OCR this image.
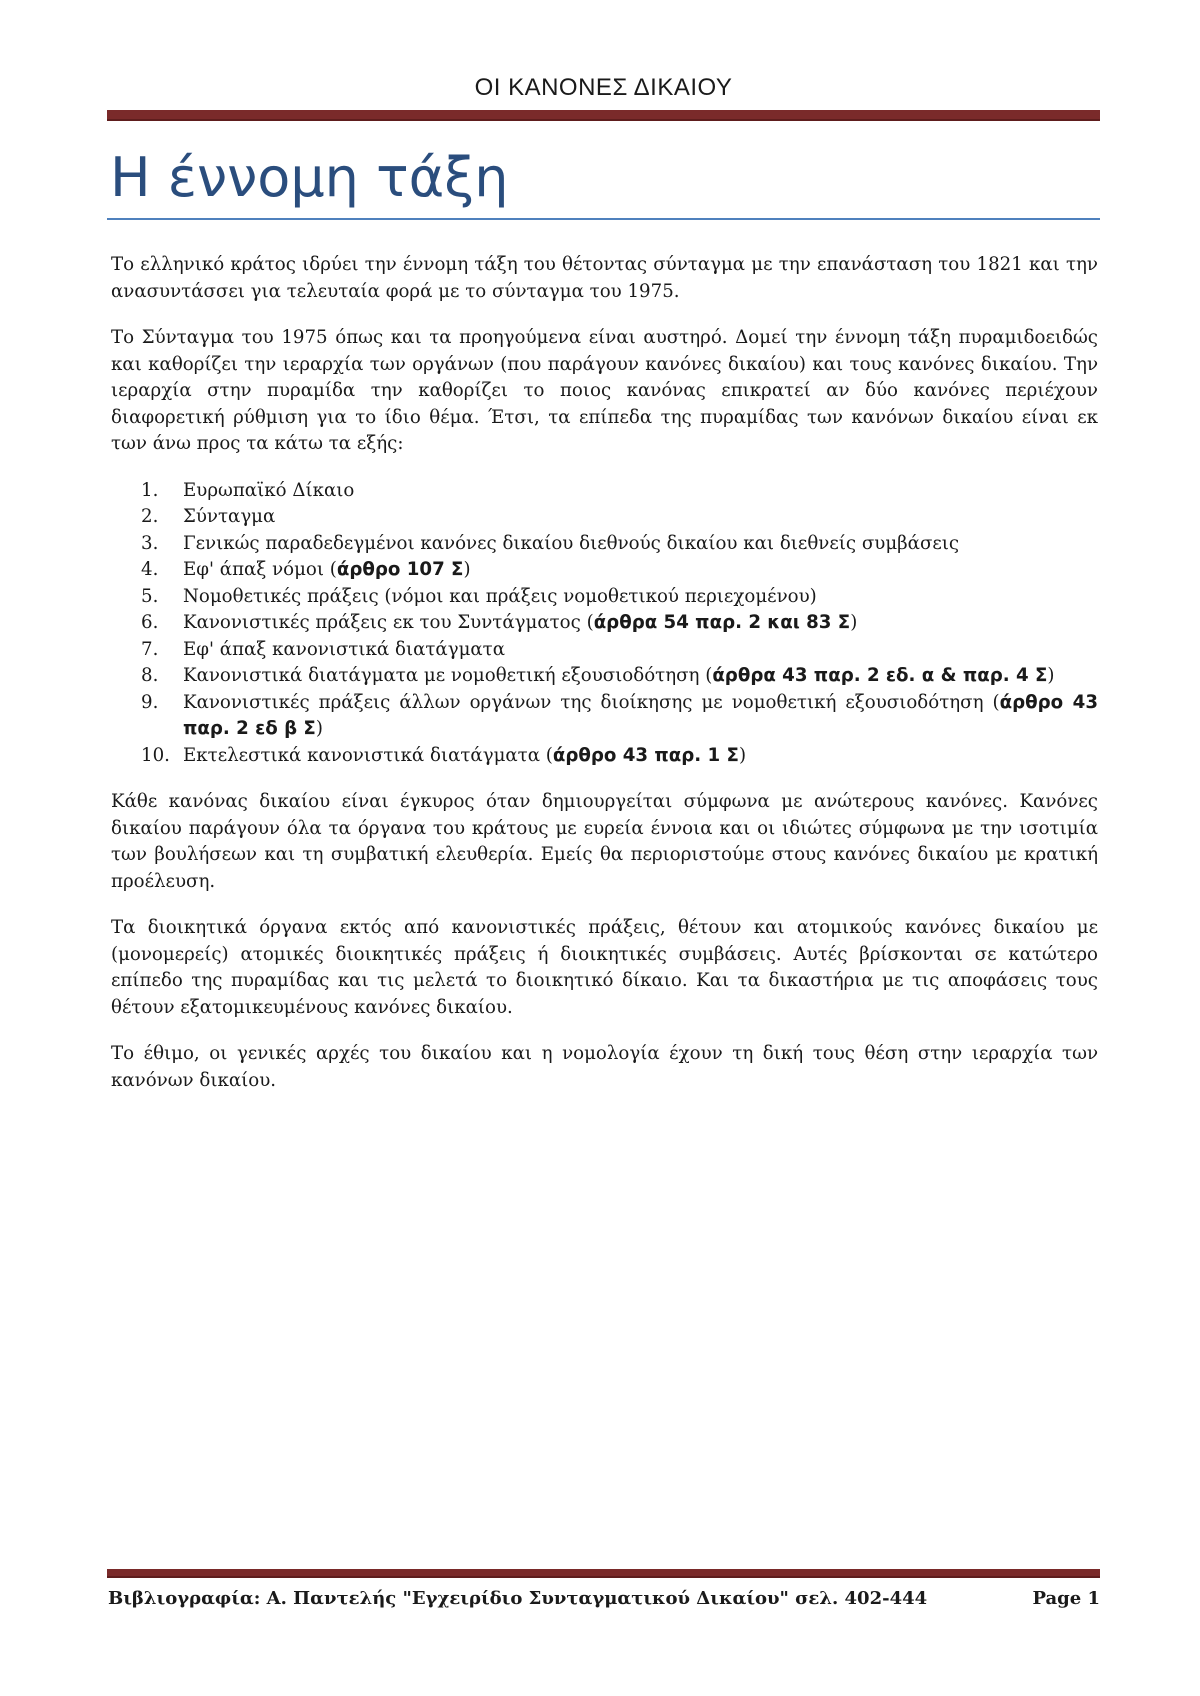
ΟΙ ΚΑΝΟΝΕΣ ΔΙΚΑΙΟΥ
Η έννομη τάξη

Το ελληνικό κράτος ιδρύει την έννομη τάξη του θέτοντας σύνταγμα με την επανάσταση του 1821 και την ανασυντάσσει για τελευταία φορά με το σύνταγμα του 1975.

Το Σύνταγμα του 1975 όπως και τα προηγούμενα είναι αυστηρό. Δομεί την έννομη τάξη πυραμιδοειδώς και καθορίζει την ιεραρχία των οργάνων (που παράγουν κανόνες δικαίου) και τους κανόνες δικαίου. Την ιεραρχία στην πυραμίδα την καθορίζει το ποιος κανόνας επικρατεί αν δύο κανόνες περιέχουν διαφορετική ρύθμιση για το ίδιο θέμα. Έτσι, τα επίπεδα της πυραμίδας των κανόνων δικαίου είναι εκ των άνω προς τα κάτω τα εξής:

1.	Ευρωπαϊκό Δίκαιο
2.	Σύνταγμα
3.	Γενικώς παραδεδεγμένοι κανόνες δικαίου διεθνούς δικαίου και διεθνείς συμβάσεις
4.	Εφ' άπαξ νόμοι (άρθρο 107 Σ)
5.	Νομοθετικές πράξεις (νόμοι και πράξεις νομοθετικού περιεχομένου)
6.	Κανονιστικές πράξεις εκ του Συντάγματος (άρθρα 54 παρ. 2 και 83 Σ)
7.	Εφ' άπαξ κανονιστικά διατάγματα
8.	Κανονιστικά διατάγματα με νομοθετική εξουσιοδότηση (άρθρα 43 παρ. 2 εδ. α & παρ. 4 Σ)
9.	Κανονιστικές πράξεις άλλων οργάνων της διοίκησης με νομοθετική εξουσιοδότηση (άρθρο 43 παρ. 2 εδ β Σ)
10. Εκτελεστικά κανονιστικά διατάγματα (άρθρο 43 παρ. 1 Σ)

Κάθε κανόνας δικαίου είναι έγκυρος όταν δημιουργείται σύμφωνα με ανώτερους κανόνες. Κανόνες δικαίου παράγουν όλα τα όργανα του κράτους με ευρεία έννοια και οι ιδιώτες σύμφωνα με την ισοτιμία των βουλήσεων και τη συμβατική ελευθερία. Εμείς θα περιοριστούμε στους κανόνες δικαίου με κρατική προέλευση.

Τα διοικητικά όργανα εκτός από κανονιστικές πράξεις, θέτουν και ατομικούς κανόνες δικαίου με (μονομερείς) ατομικές διοικητικές πράξεις ή διοικητικές συμβάσεις. Αυτές βρίσκονται σε κατώτερο επίπεδο της πυραμίδας και τις μελετά το διοικητικό δίκαιο. Και τα δικαστήρια με τις αποφάσεις τους θέτουν εξατομικευμένους κανόνες δικαίου.

Το έθιμο, οι γενικές αρχές του δικαίου και η νομολογία έχουν τη δική τους θέση στην ιεραρχία των κανόνων δικαίου.

Βιβλιογραφία: Α. Παντελής "Εγχειρίδιο Συνταγματικού Δικαίου" σελ. 402-444	Page 1
